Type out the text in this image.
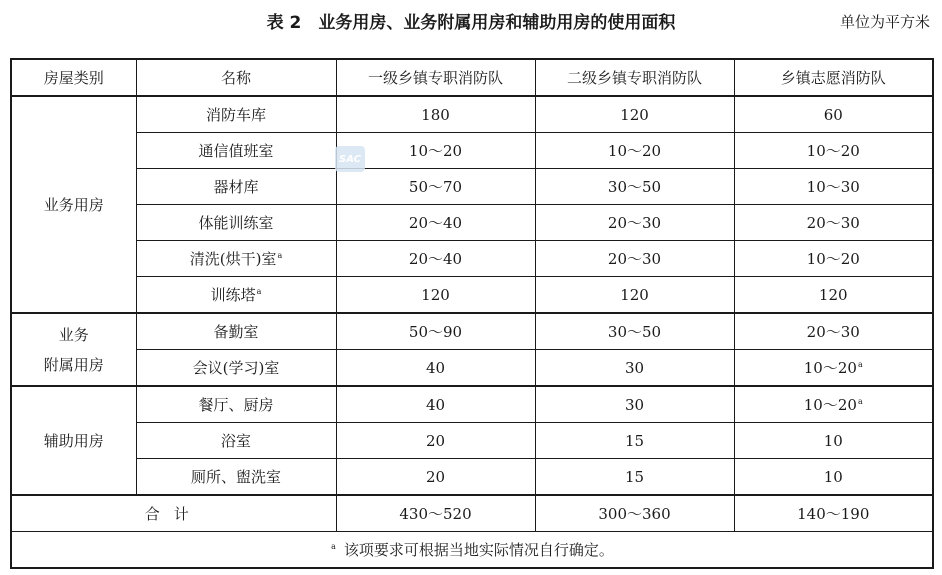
表 2　业务用房、业务附属用房和辅助用房的使用面积	单位为平方米
房屋类别	名称	一级乡镇专职消防队	二级乡镇专职消防队	乡镇志愿消防队

业务用房	消防车库	180	120	60
	通信值班室	10～20	10～20	10～20
	器材库	50～70	30～50	10～30
	体能训练室	20～40	20～30	20～30
	清洗(烘干)室$^a$	20～40	20～30	10～20
	训练塔$^a$	120	120	120

业务
附属用房	备勤室	50～90	30～50	20～30
	会议(学习)室	40	30	10～20$^a$

辅助用房	餐厅、厨房	40	30	10～20$^a$
	浴室	20	15	10
	厕所、盥洗室	20	15	10
合计		430～520	300～360	140～190
$^a$ 该项要求可根据当地实际情况自行确定。				
SAC
